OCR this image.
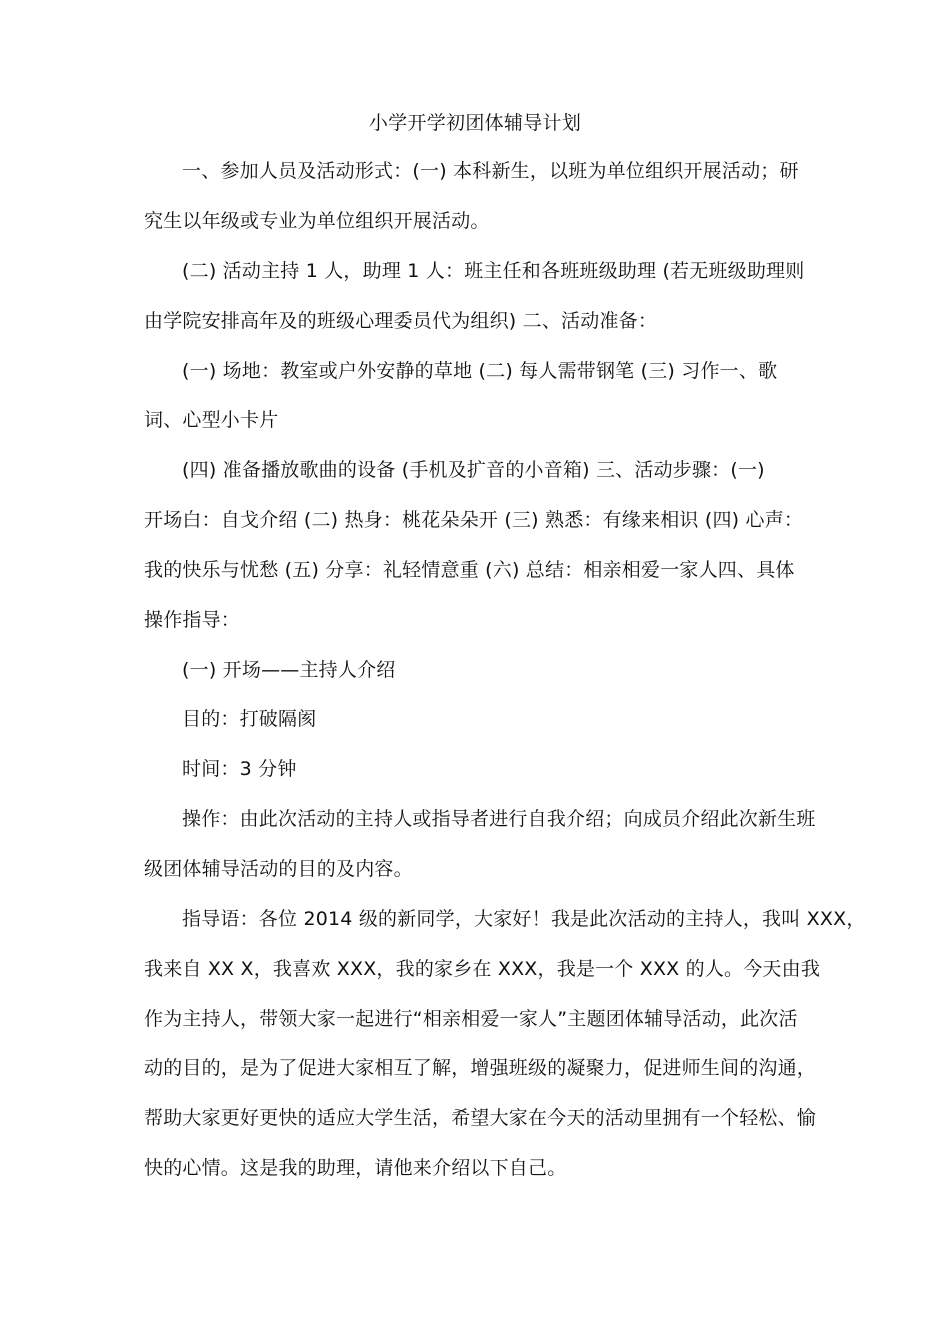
小学开学初团体辅导计划
一、参加人员及活动形式：(一) 本科新生，以班为单位组织开展活动；研
究生以年级或专业为单位组织开展活动。
(二) 活动主持 1 人，助理 1 人：班主任和各班班级助理 (若无班级助理则
由学院安排高年及的班级心理委员代为组织) 二、活动准备：
(一) 场地：教室或户外安静的草地 (二) 每人需带钢笔 (三) 习作一、歌
词、心型小卡片
(四) 准备播放歌曲的设备 (手机及扩音的小音箱) 三、活动步骤：(一)
开场白：自戈介绍 (二) 热身：桃花朵朵开 (三) 熟悉：有缘来相识 (四) 心声：
我的快乐与忧愁 (五) 分享：礼轻情意重 (六) 总结：相亲相爱一家人四、具体
操作指导：
(一) 开场——主持人介绍
目的：打破隔阂
时间：3 分钟
操作：由此次活动的主持人或指导者进行自我介绍；向成员介绍此次新生班
级团体辅导活动的目的及内容。
指导语：各位 2014 级的新同学，大家好！我是此次活动的主持人，我叫 XXX，
我来自 XX X，我喜欢 XXX，我的家乡在 XXX，我是一个 XXX 的人。今天由我
作为主持人，带领大家一起进行“相亲相爱一家人”主题团体辅导活动，此次活
动的目的，是为了促进大家相互了解，增强班级的凝聚力，促进师生间的沟通，
帮助大家更好更快的适应大学生活，希望大家在今天的活动里拥有一个轻松、愉
快的心情。这是我的助理，请他来介绍以下自己。
